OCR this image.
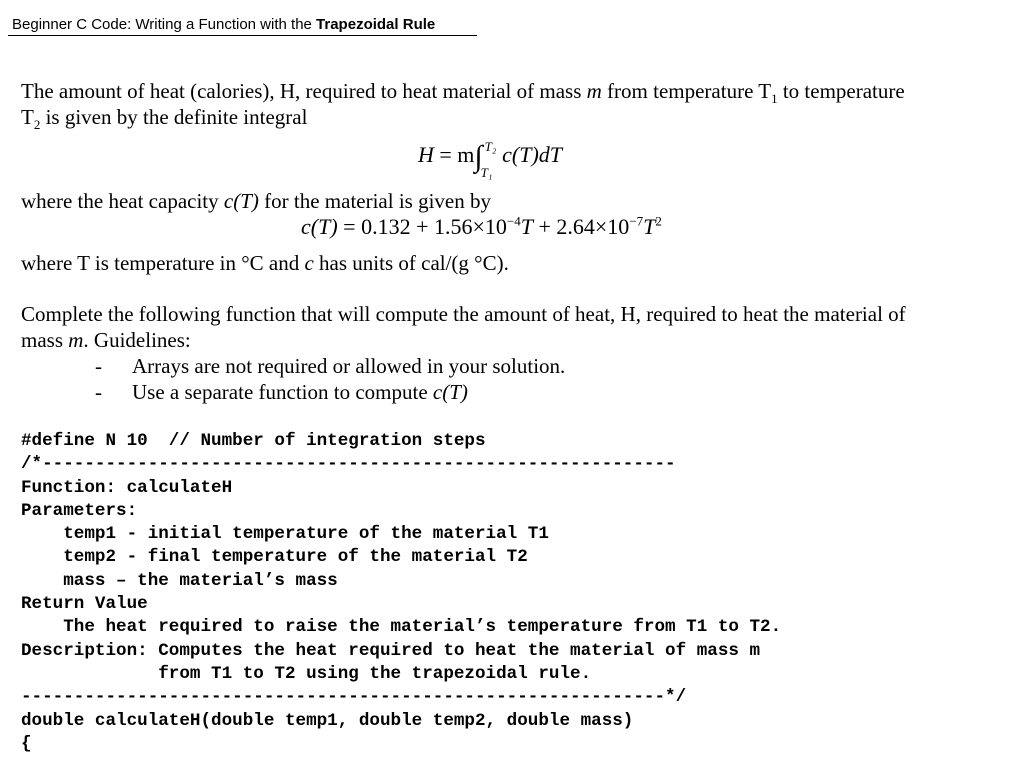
Beginner C Code: Writing a Function with the Trapezoidal Rule
The amount of heat (calories), H, required to heat material of mass m from temperature $T_1$ to temperature
$T_2$ is given by the definite integral
H = m∫ T₂
T₁
c(T)dT
where the heat capacity c(T) for the material is given by
$c(T) = 0.132 + 1.56\times 10^{-4}T + 2.64\times 10^{-7}T^2$
where T is temperature in °C and c has units of cal/(g °C).
Complete the following function that will compute the amount of heat, H, required to heat the material of
mass m. Guidelines:
- Arrays are not required or allowed in your solution.
- Use a separate function to compute c(T)
#define N 10  // Number of integration steps
/*------------------------------------------------------------
Function: calculateH
Parameters:
temp1 - initial temperature of the material T1
temp2 - final temperature of the material T2
mass – the material’s mass
Return Value
The heat required to raise the material’s temperature from T1 to T2.
Description: Computes the heat required to heat the material of mass m
from T1 to T2 using the trapezoidal rule.
-------------------------------------------------------------*/
double calculateH(double temp1, double temp2, double mass)
{
